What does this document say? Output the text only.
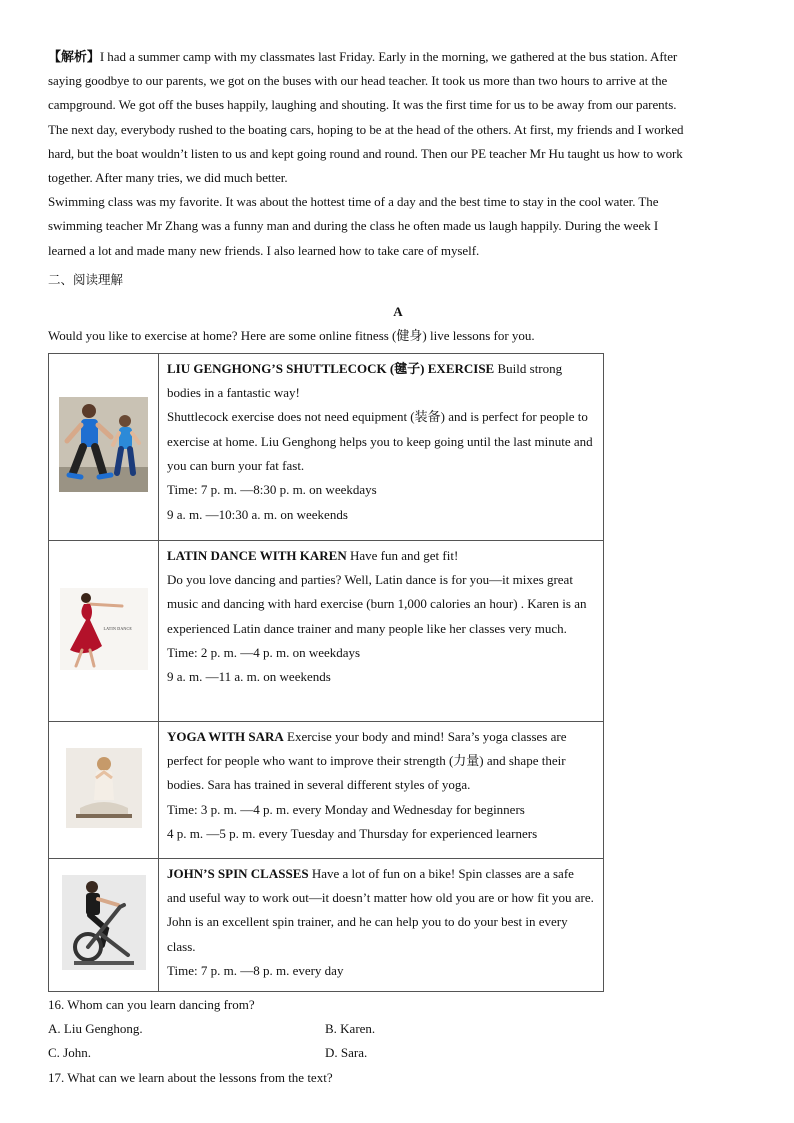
【解析】I had a summer camp with my classmates last Friday. Early in the morning, we gathered at the bus station. After

saying goodbye to our parents, we got on the buses with our head teacher. It took us more than two hours to arrive at the

campground. We got off the buses happily, laughing and shouting. It was the first time for us to be away from our parents.

The next day, everybody rushed to the boating cars, hoping to be at the head of the others. At first, my friends and I worked

hard, but the boat wouldn’t listen to us and kept going round and round. Then our PE teacher Mr Hu taught us how to work

together. After many tries, we did much better.

Swimming class was my favorite. It was about the hottest time of a day and the best time to stay in the cool water. The

swimming teacher Mr Zhang was a funny man and during the class he often made us laugh happily. During the week I

learned a lot and made many new friends. I also learned how to take care of myself.

二、阅读理解

A

Would you like to exercise at home? Here are some online fitness (健身) live lessons for you.

	LIU GENGHONG’S SHUTTLECOCK (毽子) EXERCISE Build strong bodies in a fantastic way!
Shuttlecock exercise does not need equipment (装备) and is perfect for people to exercise at home. Liu Genghong helps you to keep going until the last minute and you can burn your fat fast.
Time: 7 p. m. —8:30 p. m. on weekdays
9 a. m. —10:30 a. m. on weekends

LATIN DANCE	LATIN DANCE WITH KAREN Have fun and get fit!
Do you love dancing and parties? Well, Latin dance is for you—it mixes great music and dancing with hard exercise (burn 1,000 calories an hour) . Karen is an experienced Latin dance trainer and many people like her classes very much.
Time: 2 p. m. —4 p. m. on weekdays
9 a. m. —11 a. m. on weekends
	YOGA WITH SARA Exercise your body and mind! Sara’s yoga classes are perfect for people who want to improve their strength (力量) and shape their bodies. Sara has trained in several different styles of yoga.
Time: 3 p. m. —4 p. m. every Monday and Wednesday for beginners
4 p. m. —5 p. m. every Tuesday and Thursday for experienced learners
	JOHN’S SPIN CLASSES Have a lot of fun on a bike! Spin classes are a safe and useful way to work out—it doesn’t matter how old you are or how fit you are. John is an excellent spin trainer, and he can help you to do your best in every class.
Time: 7 p. m. —8 p. m. every day
16. Whom can you learn dancing from?
A. Liu Genghong.	B. Karen.
C. John.	D. Sara.
17. What can we learn about the lessons from the text?
